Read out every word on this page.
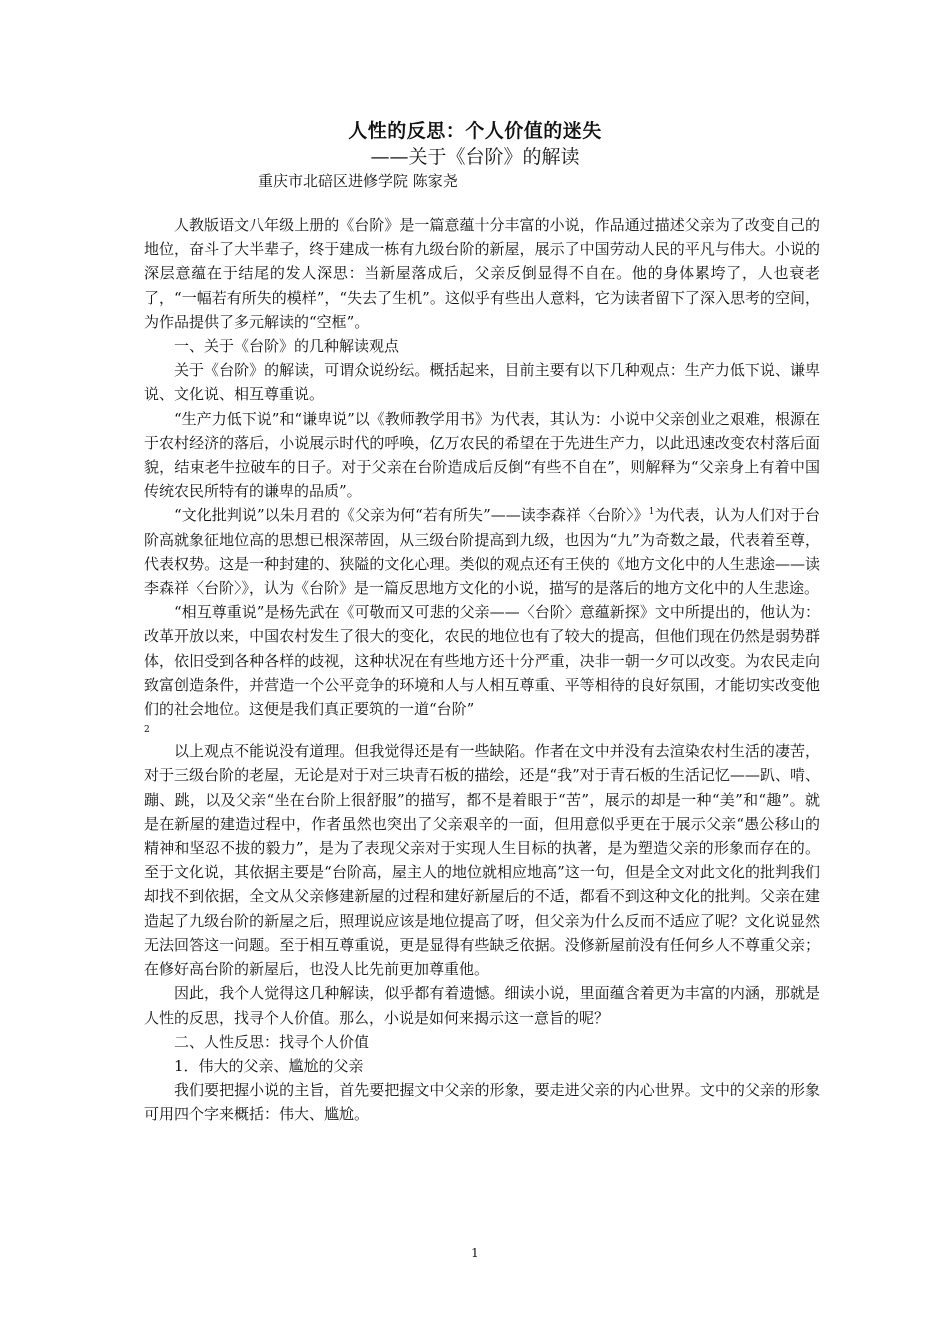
人性的反思：个人价值的迷失
——关于《台阶》的解读
重庆市北碚区进修学院 陈家尧

人教版语文八年级上册的《台阶》是一篇意蕴十分丰富的小说，作品通过描述父亲为了改变自己的地位，奋斗了大半辈子，终于建成一栋有九级台阶的新屋，展示了中国劳动人民的平凡与伟大。小说的深层意蕴在于结尾的发人深思：当新屋落成后，父亲反倒显得不自在。他的身体累垮了，人也衰老了，“一幅若有所失的模样”，“失去了生机”。这似乎有些出人意料，它为读者留下了深入思考的空间，为作品提供了多元解读的“空框”。

一、关于《台阶》的几种解读观点

关于《台阶》的解读，可谓众说纷纭。概括起来，目前主要有以下几种观点：生产力低下说、谦卑说、文化说、相互尊重说。

“生产力低下说”和“谦卑说”以《教师教学用书》为代表，其认为：小说中父亲创业之艰难，根源在于农村经济的落后，小说展示时代的呼唤，亿万农民的希望在于先进生产力，以此迅速改变农村落后面貌，结束老牛拉破车的日子。对于父亲在台阶造成后反倒“有些不自在”，则解释为“父亲身上有着中国传统农民所特有的谦卑的品质”。

“文化批判说”以朱月君的《父亲为何“若有所失”——读李森祥〈台阶〉》$^1$为代表，认为人们对于台阶高就象征地位高的思想已根深蒂固，从三级台阶提高到九级，也因为“九”为奇数之最，代表着至尊，代表权势。这是一种封建的、狭隘的文化心理。类似的观点还有王侠的《地方文化中的人生悲途——读李森祥〈台阶〉》，认为《台阶》是一篇反思地方文化的小说，描写的是落后的地方文化中的人生悲途。

“相互尊重说”是杨先武在《可敬而又可悲的父亲——〈台阶〉意蕴新探》文中所提出的，他认为：改革开放以来，中国农村发生了很大的变化，农民的地位也有了较大的提高，但他们现在仍然是弱势群体，依旧受到各种各样的歧视，这种状况在有些地方还十分严重，决非一朝一夕可以改变。为农民走向致富创造条件，并营造一个公平竞争的环境和人与人相互尊重、平等相待的良好氛围，才能切实改变他们的社会地位。这便是我们真正要筑的一道“台阶”

2

以上观点不能说没有道理。但我觉得还是有一些缺陷。作者在文中并没有去渲染农村生活的凄苦，对于三级台阶的老屋，无论是对于对三块青石板的描绘，还是“我”对于青石板的生活记忆——趴、啃、蹦、跳，以及父亲“坐在台阶上很舒服”的描写，都不是着眼于“苦”，展示的却是一种“美”和“趣”。就是在新屋的建造过程中，作者虽然也突出了父亲艰辛的一面，但用意似乎更在于展示父亲“愚公移山的精神和坚忍不拔的毅力”，是为了表现父亲对于实现人生目标的执著，是为塑造父亲的形象而存在的。至于文化说，其依据主要是“台阶高，屋主人的地位就相应地高”这一句，但是全文对此文化的批判我们却找不到依据，全文从父亲修建新屋的过程和建好新屋后的不适，都看不到这种文化的批判。父亲在建造起了九级台阶的新屋之后，照理说应该是地位提高了呀，但父亲为什么反而不适应了呢？文化说显然无法回答这一问题。至于相互尊重说，更是显得有些缺乏依据。没修新屋前没有任何乡人不尊重父亲；在修好高台阶的新屋后，也没人比先前更加尊重他。

因此，我个人觉得这几种解读，似乎都有着遗憾。细读小说，里面蕴含着更为丰富的内涵，那就是人性的反思，找寻个人价值。那么，小说是如何来揭示这一意旨的呢？

二、人性反思：找寻个人价值

1．伟大的父亲、尴尬的父亲

我们要把握小说的主旨，首先要把握文中父亲的形象，要走进父亲的内心世界。文中的父亲的形象可用四个字来概括：伟大、尴尬。

1
